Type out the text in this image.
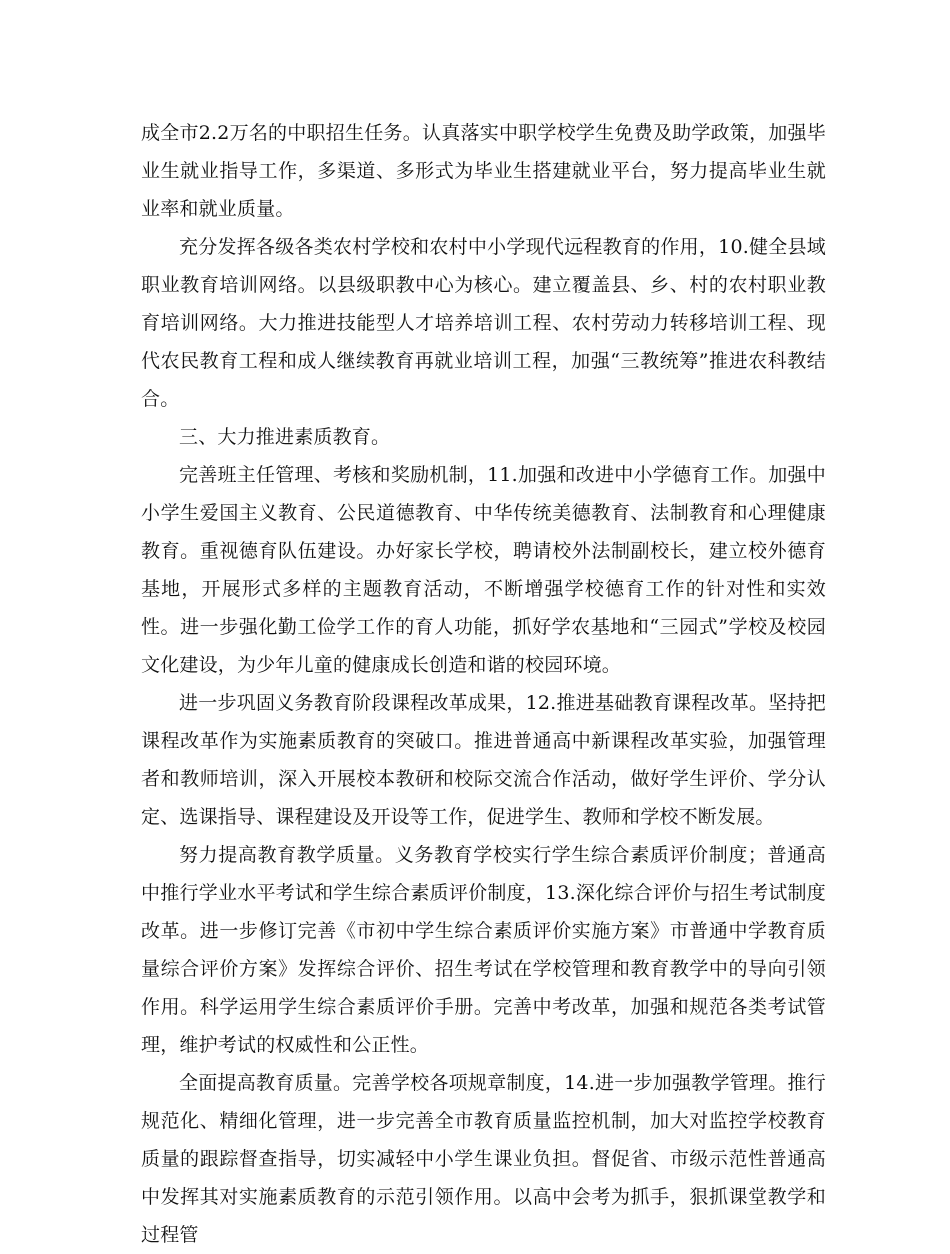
成全市2.2万名的中职招生任务。认真落实中职学校学生免费及助学政策，加强毕业生就业指导工作，多渠道、多形式为毕业生搭建就业平台，努力提高毕业生就业率和就业质量。

充分发挥各级各类农村学校和农村中小学现代远程教育的作用，10.健全县域职业教育培训网络。以县级职教中心为核心。建立覆盖县、乡、村的农村职业教育培训网络。大力推进技能型人才培养培训工程、农村劳动力转移培训工程、现代农民教育工程和成人继续教育再就业培训工程，加强“三教统筹”推进农科教结合。

三、大力推进素质教育。

完善班主任管理、考核和奖励机制，11.加强和改进中小学德育工作。加强中小学生爱国主义教育、公民道德教育、中华传统美德教育、法制教育和心理健康教育。重视德育队伍建设。办好家长学校，聘请校外法制副校长，建立校外德育基地，开展形式多样的主题教育活动，不断增强学校德育工作的针对性和实效性。进一步强化勤工俭学工作的育人功能，抓好学农基地和“三园式”学校及校园文化建设，为少年儿童的健康成长创造和谐的校园环境。

进一步巩固义务教育阶段课程改革成果，12.推进基础教育课程改革。坚持把课程改革作为实施素质教育的突破口。推进普通高中新课程改革实验，加强管理者和教师培训，深入开展校本教研和校际交流合作活动，做好学生评价、学分认定、选课指导、课程建设及开设等工作，促进学生、教师和学校不断发展。

努力提高教育教学质量。义务教育学校实行学生综合素质评价制度；普通高中推行学业水平考试和学生综合素质评价制度，13.深化综合评价与招生考试制度改革。进一步修订完善《市初中学生综合素质评价实施方案》市普通中学教育质量综合评价方案》发挥综合评价、招生考试在学校管理和教育教学中的导向引领作用。科学运用学生综合素质评价手册。完善中考改革，加强和规范各类考试管理，维护考试的权威性和公正性。

全面提高教育质量。完善学校各项规章制度，14.进一步加强教学管理。推行规范化、精细化管理，进一步完善全市教育质量监控机制，加大对监控学校教育质量的跟踪督查指导，切实减轻中小学生课业负担。督促省、市级示范性普通高中发挥其对实施素质教育的示范引领作用。以高中会考为抓手，狠抓课堂教学和过程管
